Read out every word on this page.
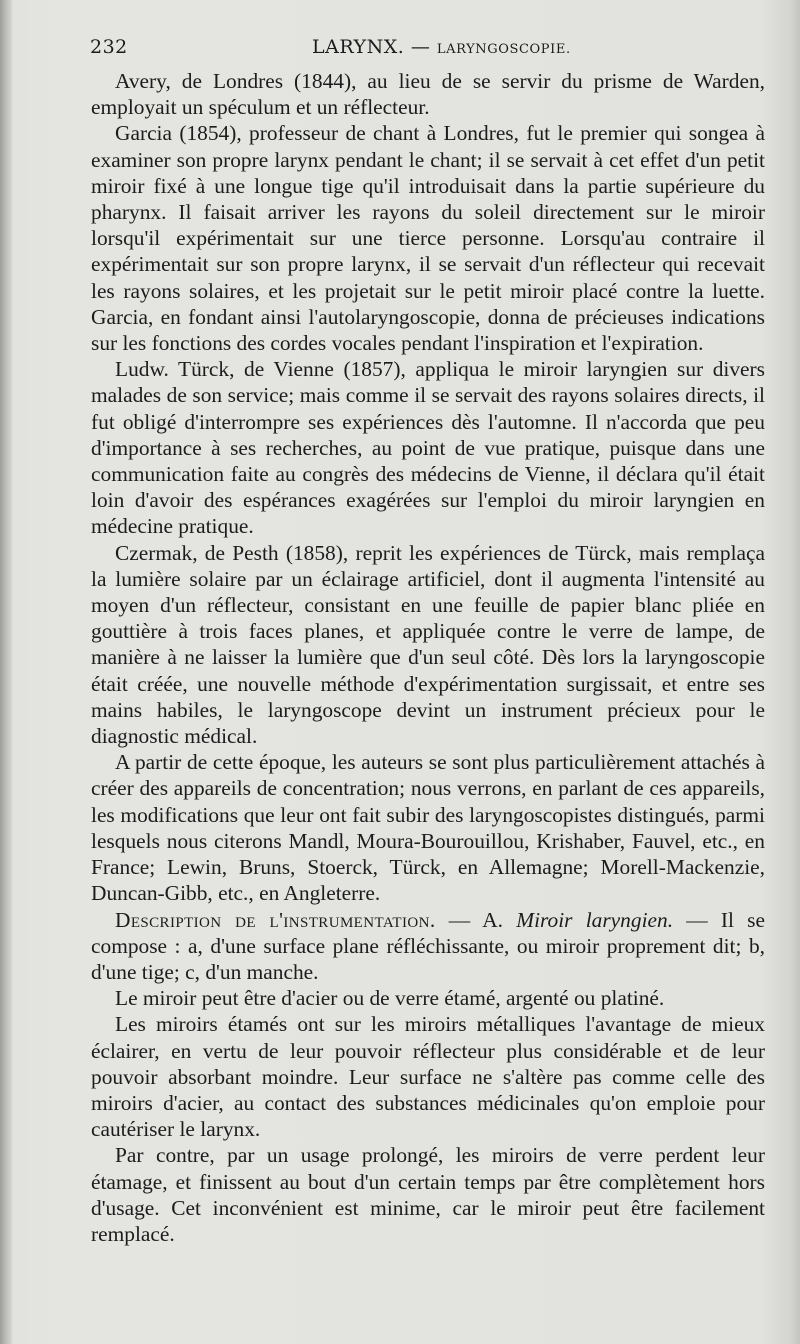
232	LARYNX. — LARYNGOSCOPIE.

Avery, de Londres (1844), au lieu de se servir du prisme de Warden, employait un spéculum et un réflecteur.

Garcia (1854), professeur de chant à Londres, fut le premier qui songea à examiner son propre larynx pendant le chant; il se servait à cet effet d'un petit miroir fixé à une longue tige qu'il introduisait dans la partie supérieure du pharynx. Il faisait arriver les rayons du soleil directement sur le miroir lorsqu'il expérimentait sur une tierce personne. Lorsqu'au contraire il expérimentait sur son propre larynx, il se servait d'un réflecteur qui recevait les rayons solaires, et les projetait sur le petit miroir placé contre la luette. Garcia, en fondant ainsi l'autolaryngoscopie, donna de précieuses indications sur les fonctions des cordes vocales pendant l'inspiration et l'expiration.

Ludw. Türck, de Vienne (1857), appliqua le miroir laryngien sur divers malades de son service; mais comme il se servait des rayons solaires directs, il fut obligé d'interrompre ses expériences dès l'automne. Il n'accorda que peu d'importance à ses recherches, au point de vue pratique, puisque dans une communication faite au congrès des médecins de Vienne, il déclara qu'il était loin d'avoir des espérances exagérées sur l'emploi du miroir laryngien en médecine pratique.

Czermak, de Pesth (1858), reprit les expériences de Türck, mais remplaça la lumière solaire par un éclairage artificiel, dont il augmenta l'intensité au moyen d'un réflecteur, consistant en une feuille de papier blanc pliée en gouttière à trois faces planes, et appliquée contre le verre de lampe, de manière à ne laisser la lumière que d'un seul côté. Dès lors la laryngoscopie était créée, une nouvelle méthode d'expérimentation surgissait, et entre ses mains habiles, le laryngoscope devint un instrument précieux pour le diagnostic médical.

A partir de cette époque, les auteurs se sont plus particulièrement attachés à créer des appareils de concentration; nous verrons, en parlant de ces appareils, les modifications que leur ont fait subir des laryngoscopistes distingués, parmi lesquels nous citerons Mandl, Moura-Bourouillou, Krishaber, Fauvel, etc., en France; Lewin, Bruns, Stoerck, Türck, en Allemagne; Morell-Mackenzie, Duncan-Gibb, etc., en Angleterre.

Description de l'instrumentation. — A. Miroir laryngien. — Il se compose : a, d'une surface plane réfléchissante, ou miroir proprement dit; b, d'une tige; c, d'un manche.

Le miroir peut être d'acier ou de verre étamé, argenté ou platiné.

Les miroirs étamés ont sur les miroirs métalliques l'avantage de mieux éclairer, en vertu de leur pouvoir réflecteur plus considérable et de leur pouvoir absorbant moindre. Leur surface ne s'altère pas comme celle des miroirs d'acier, au contact des substances médicinales qu'on emploie pour cautériser le larynx.

Par contre, par un usage prolongé, les miroirs de verre perdent leur étamage, et finissent au bout d'un certain temps par être complètement hors d'usage. Cet inconvénient est minime, car le miroir peut être facilement remplacé.
